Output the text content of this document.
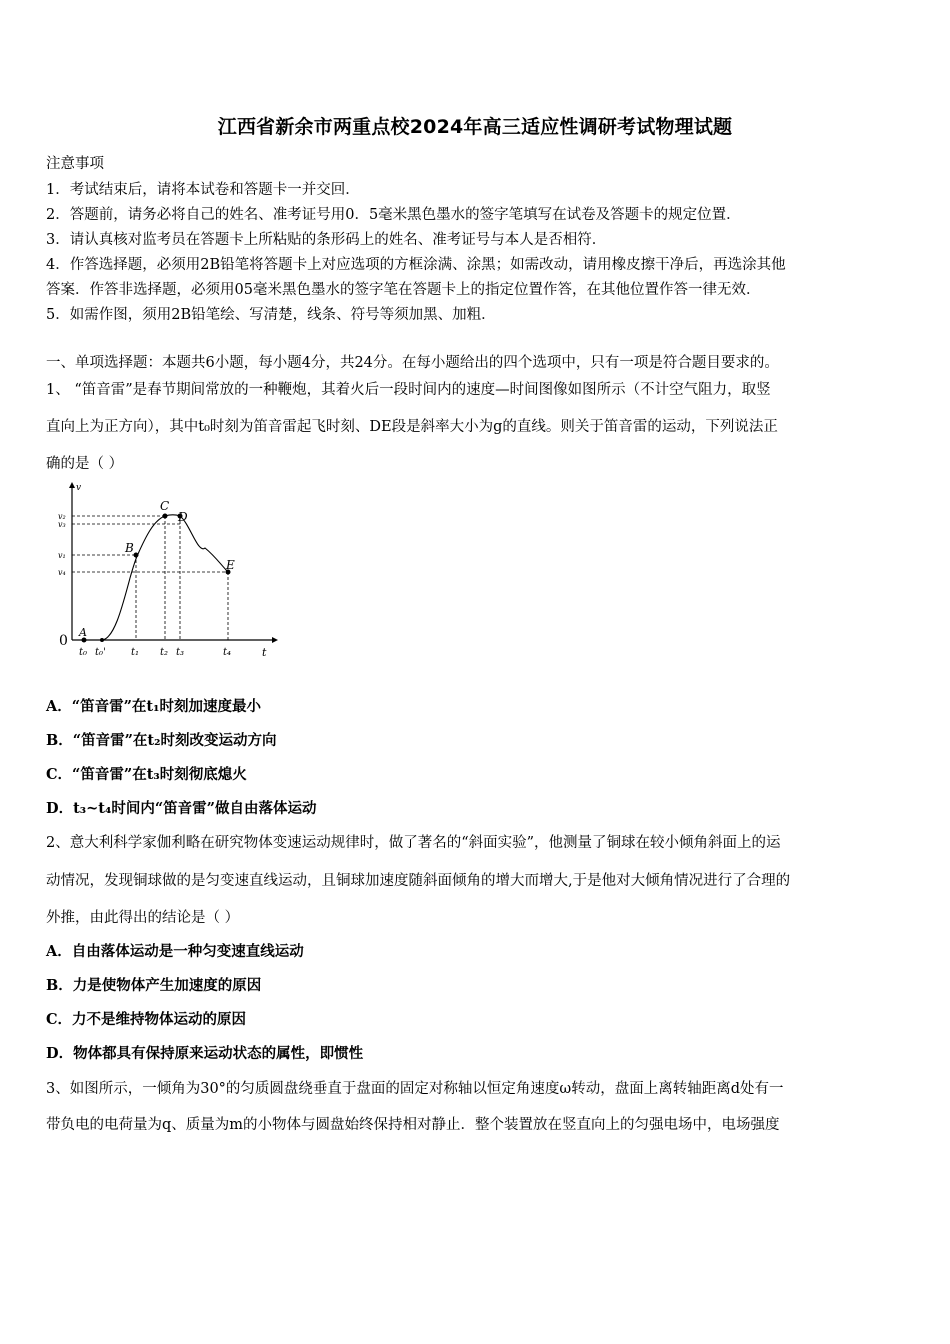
江西省新余市两重点校2024年高三适应性调研考试物理试题
注意事项
1．考试结束后，请将本试卷和答题卡一并交回．
2．答题前，请务必将自己的姓名、准考证号用0．5毫米黑色墨水的签字笔填写在试卷及答题卡的规定位置．
3．请认真核对监考员在答题卡上所粘贴的条形码上的姓名、准考证号与本人是否相符．
4．作答选择题，必须用2B铅笔将答题卡上对应选项的方框涂满、涂黑；如需改动，请用橡皮擦干净后，再选涂其他
答案．作答非选择题，必须用05毫米黑色墨水的签字笔在答题卡上的指定位置作答，在其他位置作答一律无效．
5．如需作图，须用2B铅笔绘、写清楚，线条、符号等须加黑、加粗．
一、单项选择题：本题共6小题，每小题4分，共24分。在每小题给出的四个选项中，只有一项是符合题目要求的。
1、 “笛音雷”是春节期间常放的一种鞭炮，其着火后一段时间内的速度—时间图像如图所示（不计空气阻力，取竖
直向上为正方向），其中t₀时刻为笛音雷起飞时刻、DE段是斜率大小为g的直线。则关于笛音雷的运动，下列说法正
确的是（ ）
v
t
0
A
B
C
D
E
v₂
v₃
v₁
v₄
t₀ t₀'	t₁ t₂ t₃	t₄
A．“笛音雷”在t₁时刻加速度最小
B．“笛音雷”在t₂时刻改变运动方向
C．“笛音雷”在t₃时刻彻底熄火
D．t₃~t₄时间内“笛音雷”做自由落体运动
2、意大利科学家伽利略在研究物体变速运动规律时，做了著名的“斜面实验”，他测量了铜球在较小倾角斜面上的运
动情况，发现铜球做的是匀变速直线运动，且铜球加速度随斜面倾角的增大而增大,于是他对大倾角情况进行了合理的
外推，由此得出的结论是（ ）
A．自由落体运动是一种匀变速直线运动
B．力是使物体产生加速度的原因
C．力不是维持物体运动的原因
D．物体都具有保持原来运动状态的属性，即惯性
3、如图所示，一倾角为30°的匀质圆盘绕垂直于盘面的固定对称轴以恒定角速度ω转动，盘面上离转轴距离d处有一
带负电的电荷量为q、质量为m的小物体与圆盘始终保持相对静止．整个装置放在竖直向上的匀强电场中，电场强度
